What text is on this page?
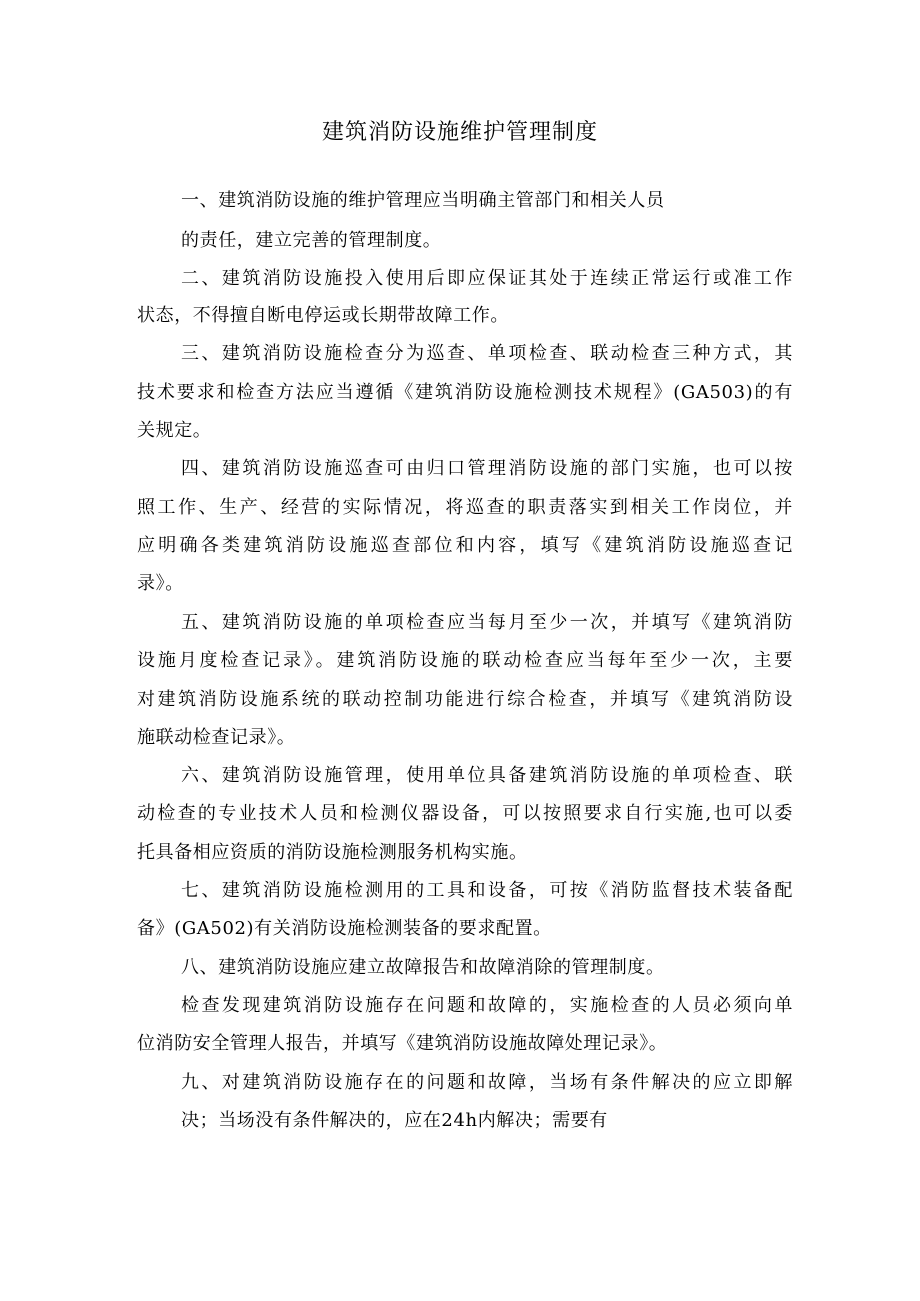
建筑消防设施维护管理制度
一、建筑消防设施的维护管理应当明确主管部门和相关人员
的责任，建立完善的管理制度。
二、建筑消防设施投入使用后即应保证其处于连续正常运行或准工作
状态，不得擅自断电停运或长期带故障工作。
三、建筑消防设施检查分为巡查、单项检查、联动检查三种方式，其
技术要求和检查方法应当遵循《建筑消防设施检测技术规程》(GA503)的有
关规定。
四、建筑消防设施巡查可由归口管理消防设施的部门实施，也可以按
照工作、生产、经营的实际情况，将巡查的职责落实到相关工作岗位，并
应明确各类建筑消防设施巡查部位和内容，填写《建筑消防设施巡查记
录》。
五、建筑消防设施的单项检查应当每月至少一次，并填写《建筑消防
设施月度检查记录》。建筑消防设施的联动检查应当每年至少一次，主要
对建筑消防设施系统的联动控制功能进行综合检查，并填写《建筑消防设
施联动检查记录》。
六、建筑消防设施管理，使用单位具备建筑消防设施的单项检查、联
动检查的专业技术人员和检测仪器设备，可以按照要求自行实施,也可以委
托具备相应资质的消防设施检测服务机构实施。
七、建筑消防设施检测用的工具和设备，可按《消防监督技术装备配
备》(GA502)有关消防设施检测装备的要求配置。
八、建筑消防设施应建立故障报告和故障消除的管理制度。
检查发现建筑消防设施存在问题和故障的，实施检查的人员必须向单
位消防安全管理人报告，并填写《建筑消防设施故障处理记录》。
九、对建筑消防设施存在的问题和故障，当场有条件解决的应立即解
决；当场没有条件解决的，应在24h内解决；需要有
